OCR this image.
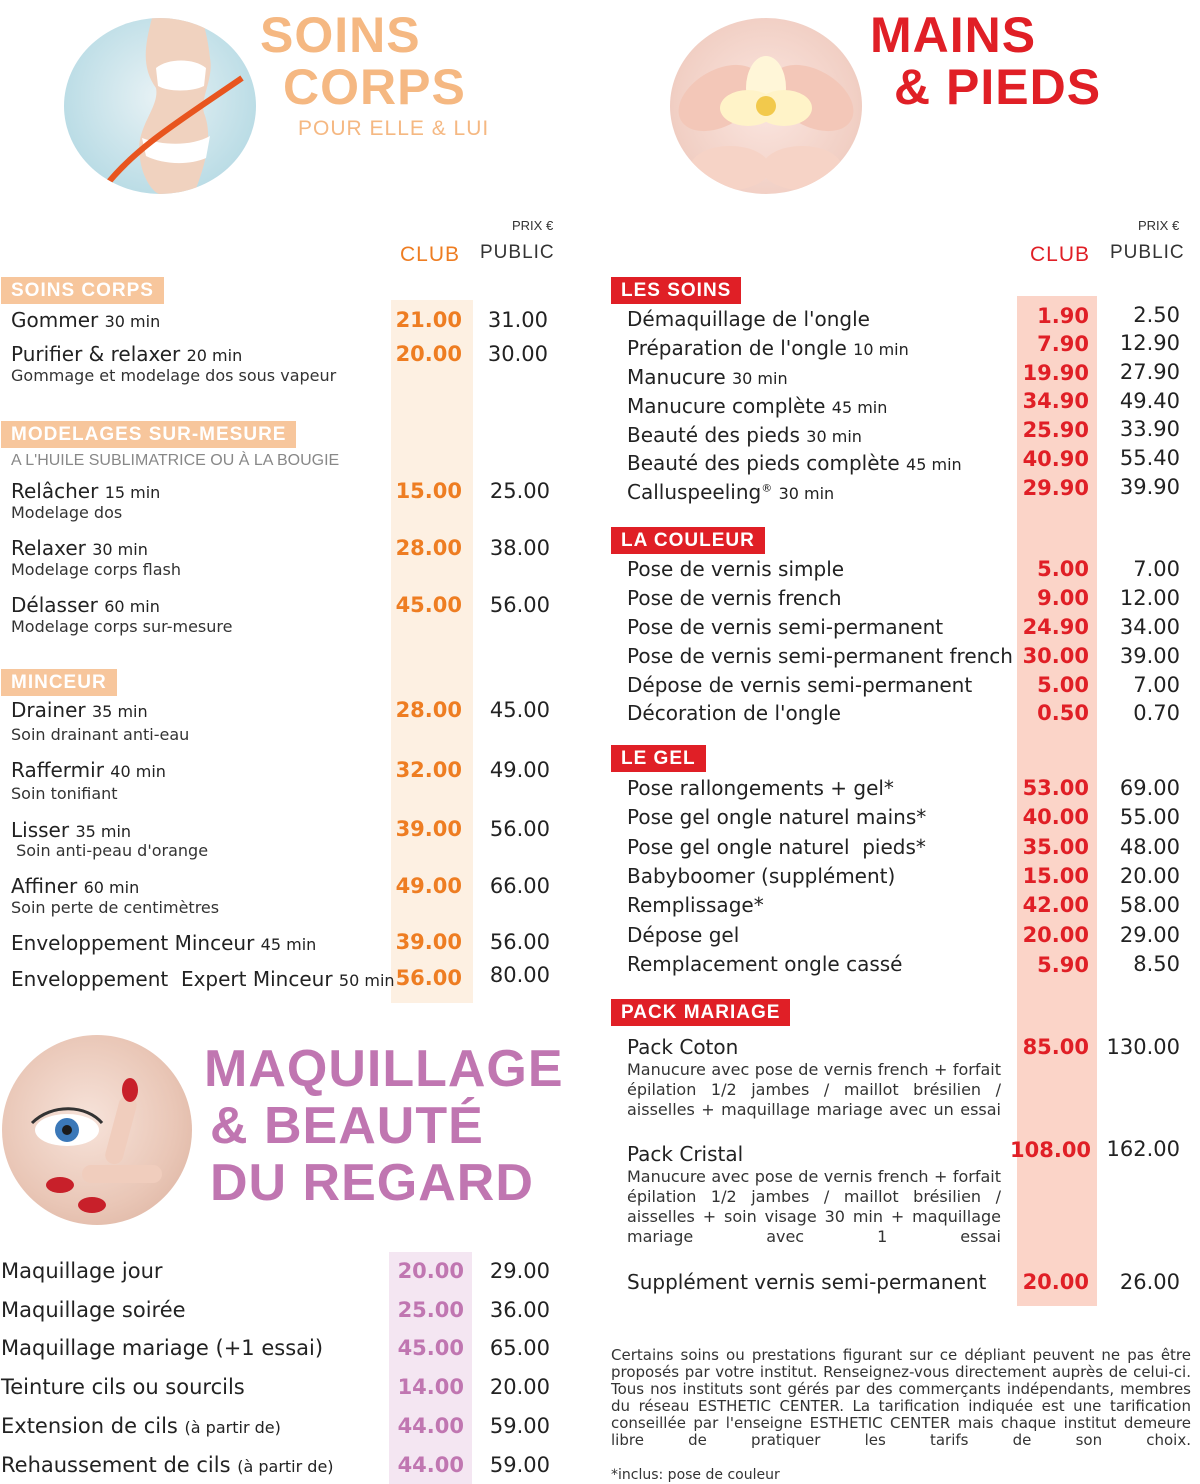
SOINS
CORPS
POUR ELLE & LUI
MAINS
& PIEDS
PRIX €
CLUB PUBLIC
SOINS CORPS
Gommer 30 min	21.00	31.00
Purifier & relaxer 20 min
Gommage et modelage dos sous vapeur
20.00	30.00
MODELAGES SUR-MESURE
A L'HUILE SUBLIMATRICE OU À LA BOUGIE
Relâcher 15 min
Modelage dos
15.00	25.00
Relaxer 30 min
Modelage corps flash
28.00	38.00
Délasser 60 min
Modelage corps sur-mesure
45.00	56.00
MINCEUR
Drainer 35 min
Soin drainant anti-eau
28.00	45.00
Raffermir 40 min
Soin tonifiant
32.00	49.00
Lisser 35 min
Soin anti-peau d'orange
39.00	56.00
Affiner 60 min
Soin perte de centimètres
49.00	66.00
Enveloppement Minceur 45 min	39.00	56.00
Enveloppement  Expert Minceur 50 min 56.00	80.00
MAQUILLAGE
& BEAUTÉ
DU REGARD
Maquillage jour	20.00	29.00
Maquillage soirée	25.00	36.00
Maquillage mariage (+1 essai)	45.00	65.00
Teinture cils ou sourcils	14.00	20.00
Extension de cils (à partir de)	44.00	59.00
Rehaussement de cils (à partir de)	44.00	59.00
PRIX €
CLUB PUBLIC
LES SOINS
Démaquillage de l'ongle	1.90	2.50
Préparation de l'ongle 10 min	7.90	12.90
Manucure 30 min	19.90	27.90
Manucure complète 45 min	34.90	49.40
Beauté des pieds 30 min	25.90	33.90
Beauté des pieds complète 45 min	40.90	55.40
Calluspeeling® 30 min	29.90	39.90
LA COULEUR
Pose de vernis simple	5.00	7.00
Pose de vernis french	9.00	12.00
Pose de vernis semi-permanent	24.90	34.00
Pose de vernis semi-permanent french 30.00	39.00
Dépose de vernis semi-permanent	5.00	7.00
Décoration de l'ongle	0.50	0.70
LE GEL
Pose rallongements + gel*	53.00	69.00
Pose gel ongle naturel mains*	40.00	55.00
Pose gel ongle naturel  pieds*	35.00	48.00
Babyboomer (supplément)	15.00	20.00
Remplissage*	42.00	58.00
Dépose gel	20.00	29.00
Remplacement ongle cassé	5.90	8.50
PACK MARIAGE
Pack Coton
Manucure avec pose de vernis french + forfait épilation 1/2 jambes / maillot brésilien / aisselles + maquillage mariage avec un essai
85.00 130.00
Pack Cristal
Manucure avec pose de vernis french + forfait épilation 1/2 jambes / maillot brésilien / aisselles + soin visage 30 min + maquillage mariage avec 1 essai
108.00 162.00
Supplément vernis semi-permanent	20.00	26.00
Certains soins ou prestations figurant sur ce dépliant peuvent ne pas être proposés par votre institut. Renseignez-vous directement auprès de celui-ci. Tous nos instituts sont gérés par des commerçants indépendants, membres du réseau ESTHETIC CENTER. La tarification indiquée est une tarification conseillée par l'enseigne ESTHETIC CENTER mais chaque institut demeure libre de pratiquer les tarifs de son choix.
*inclus: pose de couleur
